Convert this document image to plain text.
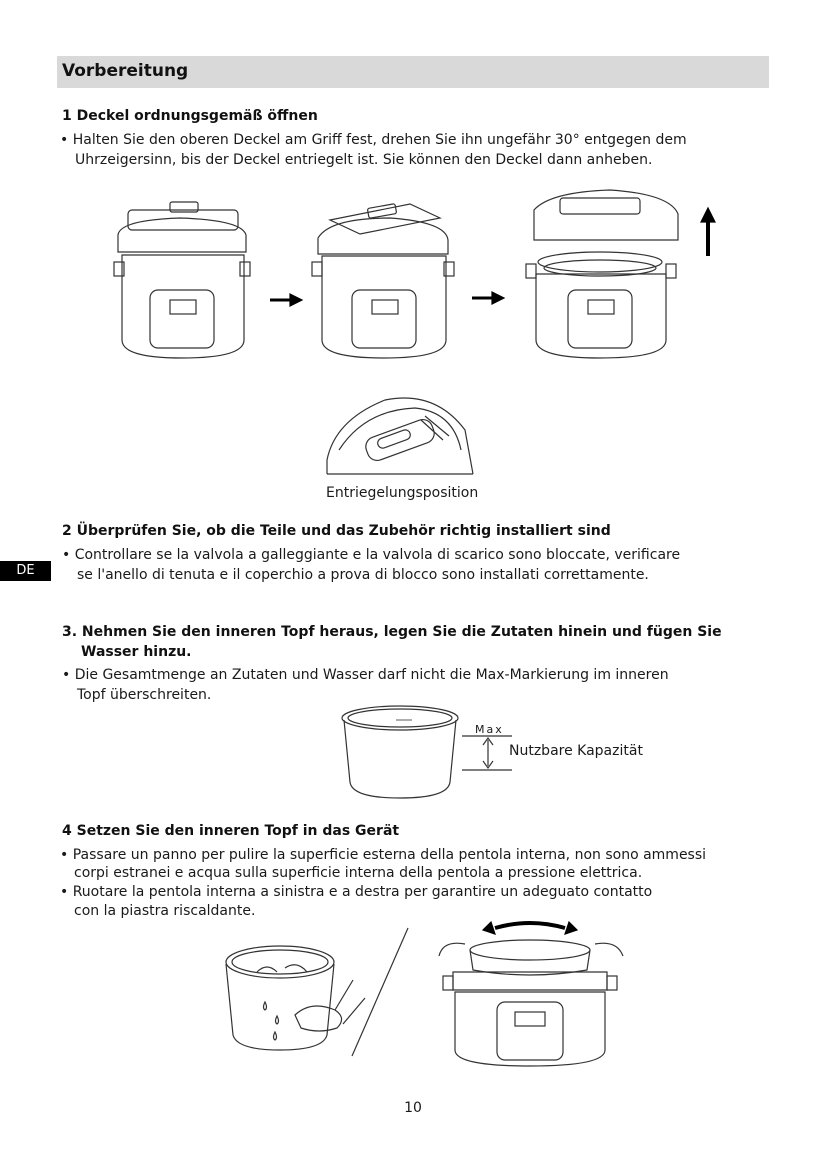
Vorbereitung
DE
1 Deckel ordnungsgemäß öffnen
• Halten Sie den oberen Deckel am Griff fest, drehen Sie ihn ungefähr 30° entgegen dem
Uhrzeigersinn, bis der Deckel entriegelt ist. Sie können den Deckel dann anheben.
Entriegelungsposition
2 Überprüfen Sie, ob die Teile und das Zubehör richtig installiert sind
• Controllare se la valvola a galleggiante e la valvola di scarico sono bloccate, verificare
se l'anello di tenuta e il coperchio a prova di blocco sono installati correttamente.
3. Nehmen Sie den inneren Topf heraus, legen Sie die Zutaten hinein und fügen Sie
Wasser hinzu.
• Die Gesamtmenge an Zutaten und Wasser darf nicht die Max-Markierung im inneren
Topf überschreiten.
Max
Nutzbare Kapazität
4 Setzen Sie den inneren Topf in das Gerät
• Passare un panno per pulire la superficie esterna della pentola interna, non sono ammessi
corpi estranei e acqua sulla superficie interna della pentola a pressione elettrica.
• Ruotare la pentola interna a sinistra e a destra per garantire un adeguato contatto
con la piastra riscaldante.
10
